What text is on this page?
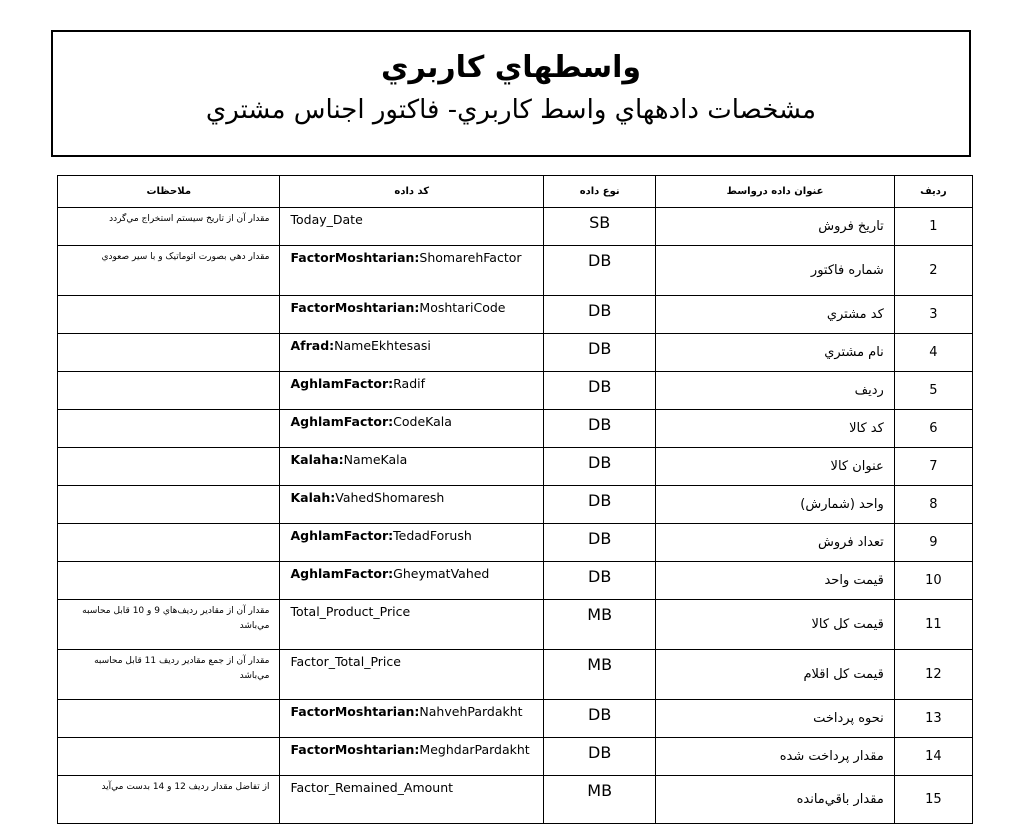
واسطهاي كاربري
مشخصات دادههاي واسط كاربري- فاكتور اجناس مشتري
ملاحظات	كد داده	نوع داده	عنوان داده درواسط	رديف
مقدار آن از تاريخ سيستم استخراج مي‌گردد	Today_Date	SB	تاريخ فروش	1
مقدار دهي بصورت اتوماتيک و با سير صعودي	FactorMoshtarian:ShomarehFactor	DB	شماره فاكتور	2
	FactorMoshtarian:MoshtariCode	DB	كد مشتري	3
	Afrad:NameEkhtesasi	DB	نام مشتري	4
	AghlamFactor:Radif	DB	رديف	5
	AghlamFactor:CodeKala	DB	كد كالا	6
	Kalaha:NameKala	DB	عنوان كالا	7
	Kalah:VahedShomaresh	DB	واحد (شمارش)	8
	AghlamFactor:TedadForush	DB	تعداد فروش	9
	AghlamFactor:GheymatVahed	DB	قيمت واحد	10
مقدار آن از مقادير رديف‌هاي 9 و 10 قابل محاسبه مي‌باشد	Total_Product_Price	MB	قيمت كل كالا	11
مقدار آن از جمع مقادير رديف 11 قابل محاسبه مي‌باشد	Factor_Total_Price	MB	قيمت كل اقلام	12
	FactorMoshtarian:NahvehPardakht	DB	نحوه پرداخت	13
	FactorMoshtarian:MeghdarPardakht	DB	مقدار پرداخت شده	14
از تفاضل مقدار رديف 12 و 14 بدست مي‌آيد	Factor_Remained_Amount	MB	مقدار باقي‌مانده	15
